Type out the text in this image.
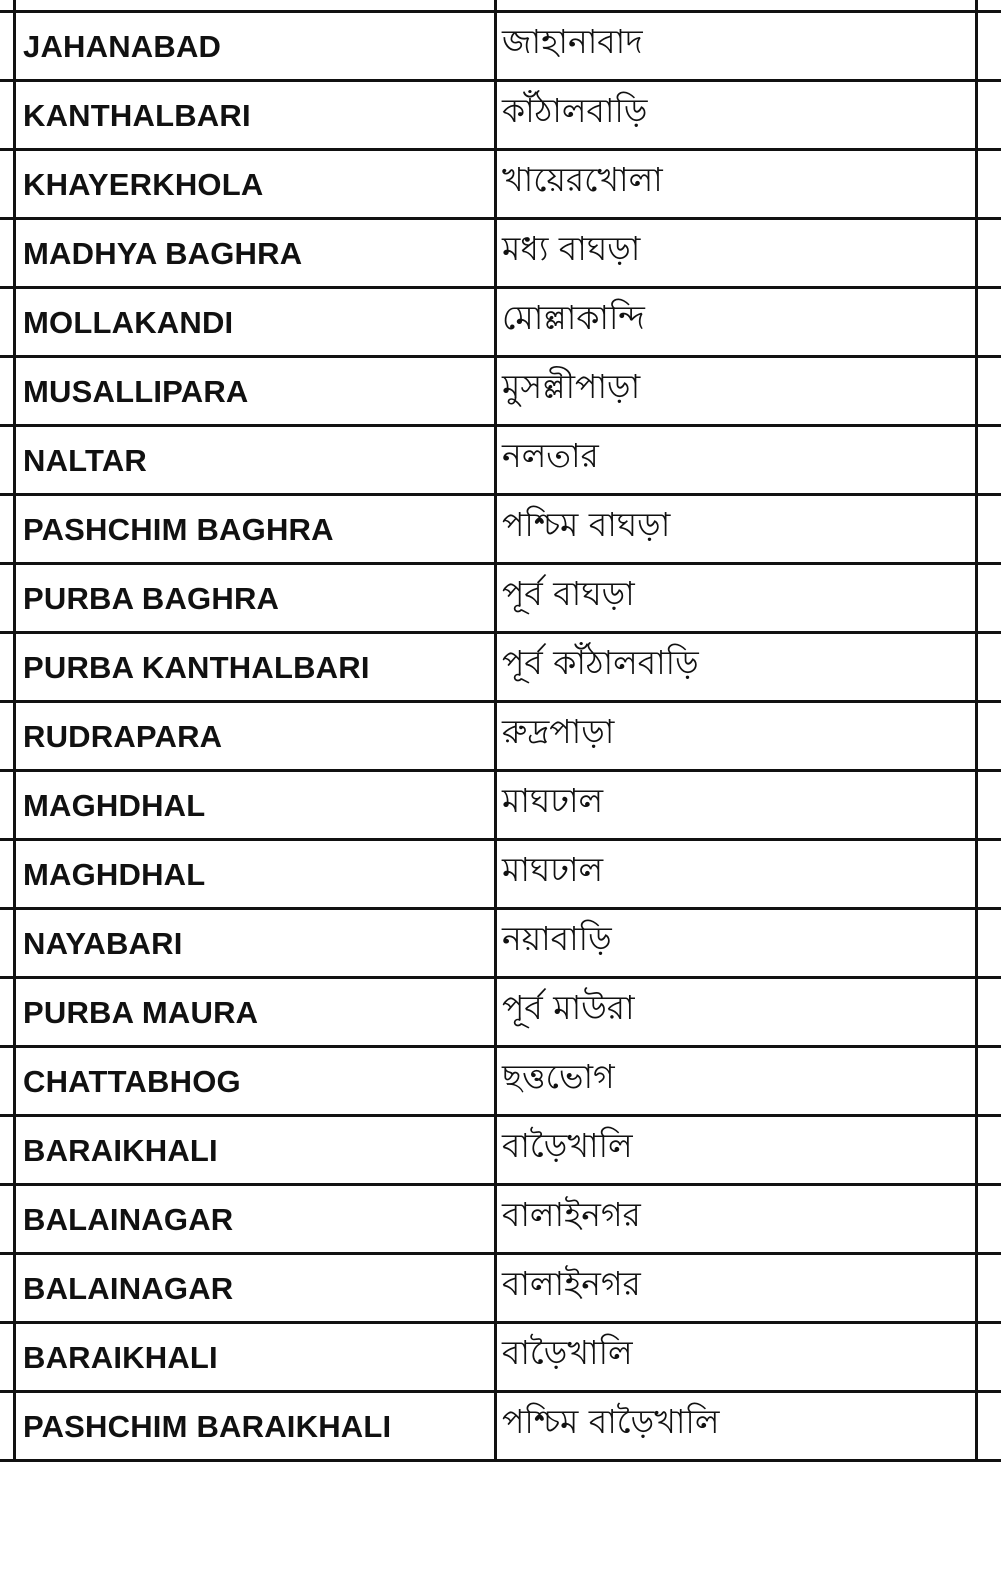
JAHANABAD	জাহানাবাদ
KANTHALBARI	কাঁঠালবাড়ি
KHAYERKHOLA	খায়েরখোলা
MADHYA BAGHRA	মধ্য বাঘড়া
MOLLAKANDI	মোল্লাকান্দি
MUSALLIPARA	মুসল্লীপাড়া
NALTAR	নলতার
PASHCHIM BAGHRA	পশ্চিম বাঘড়া
PURBA BAGHRA	পূর্ব বাঘড়া
PURBA KANTHALBARI	পূর্ব কাঁঠালবাড়ি
RUDRAPARA	রুদ্রপাড়া
MAGHDHAL	মাঘঢাল
MAGHDHAL	মাঘঢাল
NAYABARI	নয়াবাড়ি
PURBA MAURA	পূর্ব মাউরা
CHATTABHOG	ছত্তভোগ
BARAIKHALI	বাড়ৈখালি
BALAINAGAR	বালাইনগর
BALAINAGAR	বালাইনগর
BARAIKHALI	বাড়ৈখালি
PASHCHIM BARAIKHALI	পশ্চিম বাড়ৈখালি
